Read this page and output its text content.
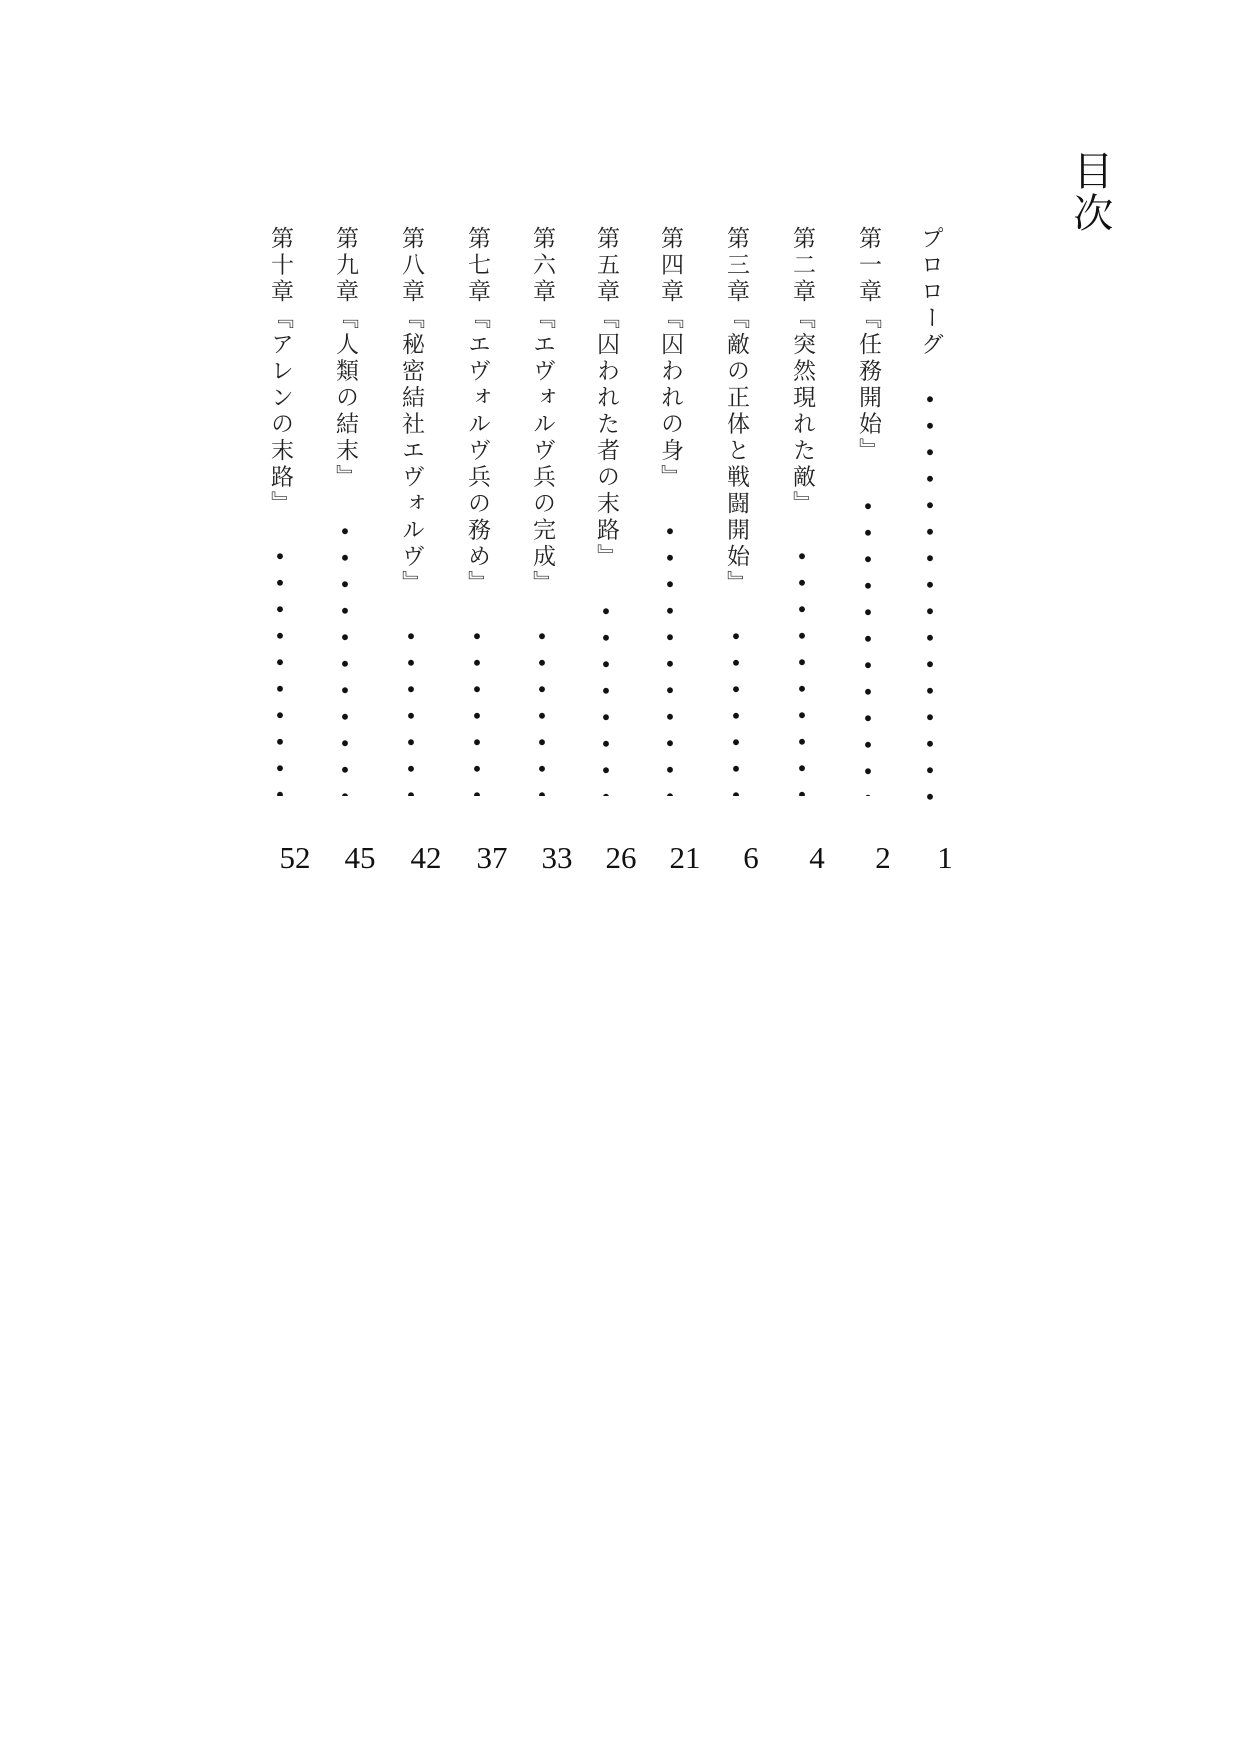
目次
プロローグ
1
第一章『任務開始』
2
第二章『突然現れた敵』
4
第三章『敵の正体と戦闘開始』
6
第四章『囚われの身』
21
第五章『囚われた者の末路』
26
第六章『エヴォルヴ兵の完成』
33
第七章『エヴォルヴ兵の務め』
37
第八章『秘密結社エヴォルヴ』
42
第九章『人類の結末』
45
第十章『アレンの末路』
52
